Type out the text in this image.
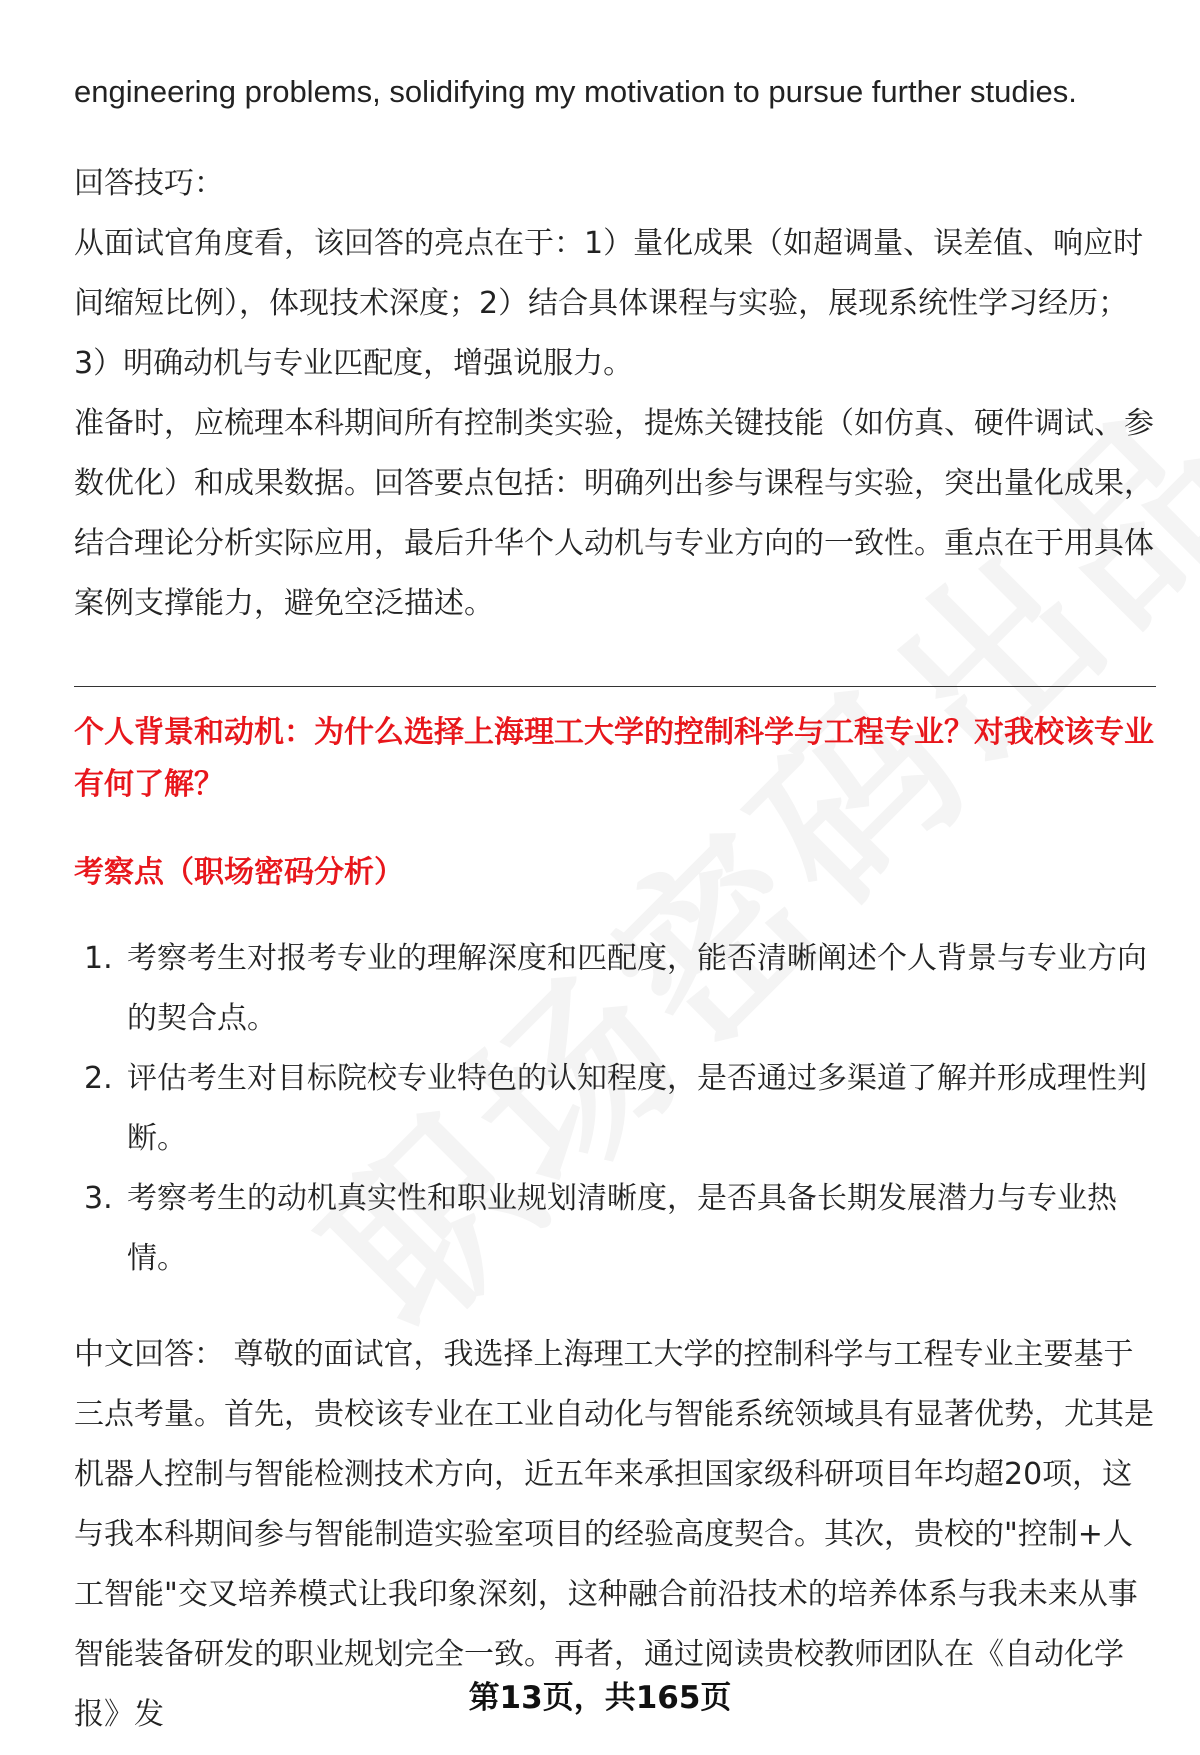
engineering problems, solidifying my motivation to pursue further studies.

回答技巧：

从面试官角度看，该回答的亮点在于：1）量化成果（如超调量、误差值、响应时间缩短比例），体现技术深度；2）结合具体课程与实验，展现系统性学习经历；3）明确动机与专业匹配度，增强说服力。

准备时，应梳理本科期间所有控制类实验，提炼关键技能（如仿真、硬件调试、参数优化）和成果数据。回答要点包括：明确列出参与课程与实验，突出量化成果，结合理论分析实际应用，最后升华个人动机与专业方向的一致性。重点在于用具体案例支撑能力，避免空泛描述。

个人背景和动机：为什么选择上海理工大学的控制科学与工程专业？对我校该专业有何了解？

考察点（职场密码分析）

1. 考察考生对报考专业的理解深度和匹配度，能否清晰阐述个人背景与专业方向的契合点。
2. 评估考生对目标院校专业特色的认知程度，是否通过多渠道了解并形成理性判断。
3. 考察考生的动机真实性和职业规划清晰度，是否具备长期发展潜力与专业热情。

中文回答： 尊敬的面试官，我选择上海理工大学的控制科学与工程专业主要基于三点考量。首先，贵校该专业在工业自动化与智能系统领域具有显著优势，尤其是机器人控制与智能检测技术方向，近五年来承担国家级科研项目年均超20项，这与我本科期间参与智能制造实验室项目的经验高度契合。其次，贵校的"控制+人工智能"交叉培养模式让我印象深刻，这种融合前沿技术的培养体系与我未来从事智能装备研发的职业规划完全一致。再者，通过阅读贵校教师团队在《自动化学报》发	第13页，共165页
